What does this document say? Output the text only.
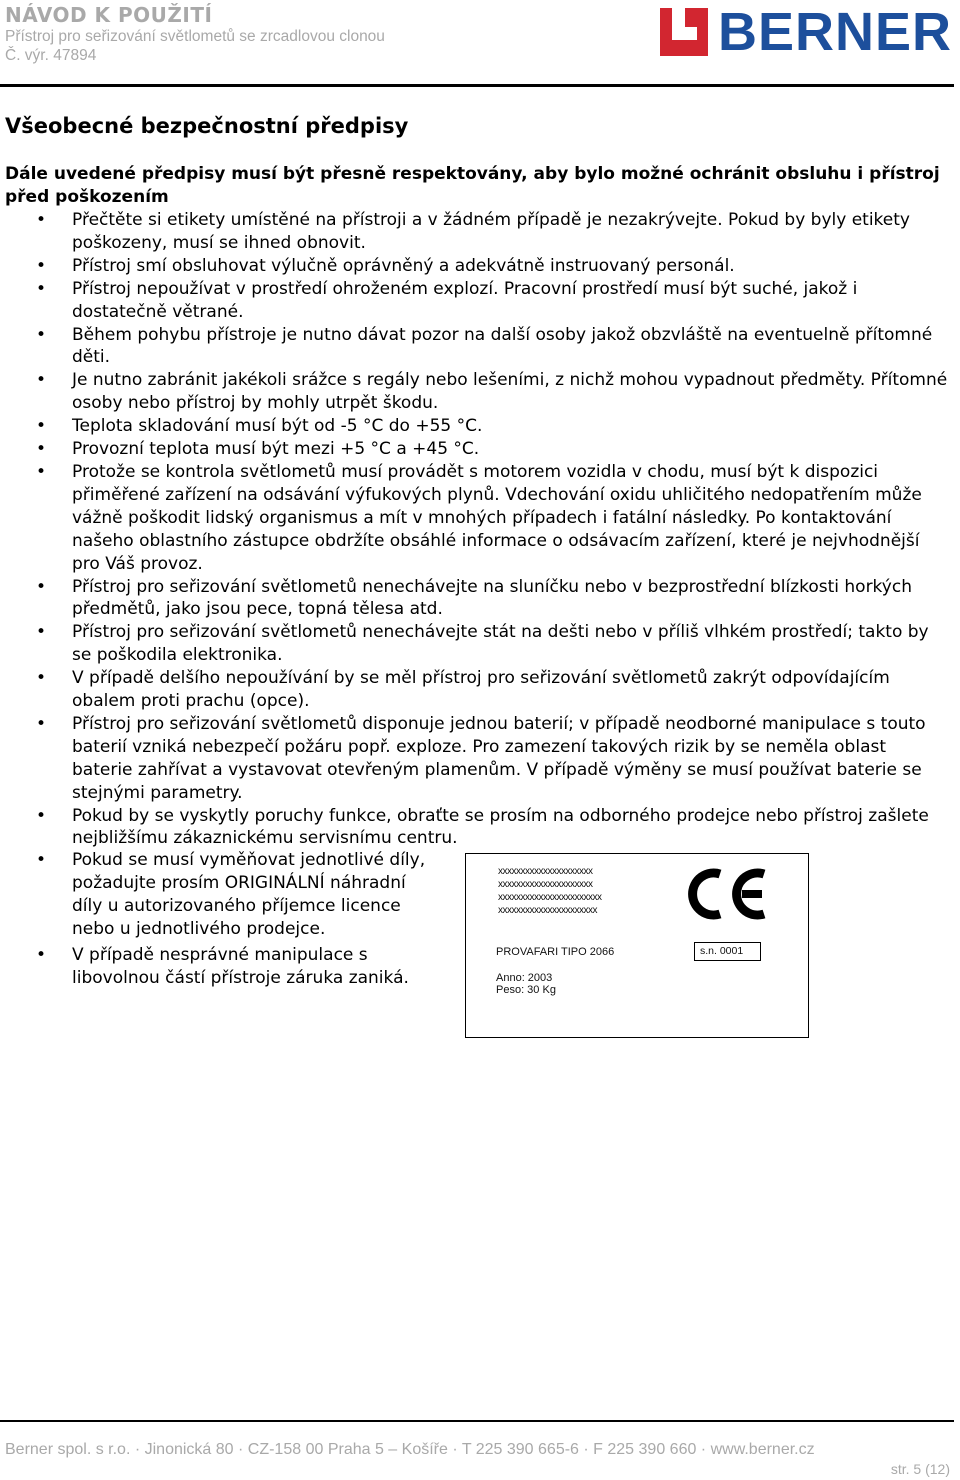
NÁVOD K POUŽITÍ
Přístroj pro seřizování světlometů se zrcadlovou clonou
Č. výr. 47894	BERNER
Všeobecné bezpečnostní předpisy

Dále uvedené předpisy musí být přesně respektovány, aby bylo možné ochránit obsluhu i přístroj před poškozením

• Přečtěte si etikety umístěné na přístroji a v žádném případě je nezakrývejte. Pokud by byly etikety poškozeny, musí se ihned obnovit.
• Přístroj smí obsluhovat výlučně oprávněný a adekvátně instruovaný personál.
• Přístroj nepoužívat v prostředí ohroženém explozí. Pracovní prostředí musí být suché, jakož i dostatečně větrané.
• Během pohybu přístroje je nutno dávat pozor na další osoby jakož obzvláště na eventuelně přítomné děti.
• Je nutno zabránit jakékoli srážce s regály nebo lešeními, z nichž mohou vypadnout předměty. Přítomné osoby nebo přístroj by mohly utrpět škodu.
• Teplota skladování musí být od -5 °C do +55 °C.
• Provozní teplota musí být mezi +5 °C a +45 °C.
• Protože se kontrola světlometů musí provádět s motorem vozidla v chodu, musí být k dispozici přiměřené zařízení na odsávání výfukových plynů. Vdechování oxidu uhličitého nedopatřením může vážně poškodit lidský organismus a mít v mnohých případech i fatální následky. Po kontaktování našeho oblastního zástupce obdržíte obsáhlé informace o odsávacím zařízení, které je nejvhodnější pro Váš provoz.
• Přístroj pro seřizování světlometů nenechávejte na sluníčku nebo v bezprostřední blízkosti horkých předmětů, jako jsou pece, topná tělesa atd.
• Přístroj pro seřizování světlometů nenechávejte stát na dešti nebo v příliš vlhkém prostředí; takto by se poškodila elektronika.
• V případě delšího nepoužívání by se měl přístroj pro seřizování světlometů zakrýt odpovídajícím obalem proti prachu (opce).
• Přístroj pro seřizování světlometů disponuje jednou baterií; v případě neodborné manipulace s touto baterií vzniká nebezpečí požáru popř. exploze. Pro zamezení takových rizik by se neměla oblast baterie zahřívat a vystavovat otevřeným plamenům. V případě výměny se musí používat baterie se stejnými parametry.
• Pokud by se vyskytly poruchy funkce, obraťte se prosím na odborného prodejce nebo přístroj zašlete nejbližšímu zákaznickému servisnímu centru.
• Pokud se musí vyměňovat jednotlivé díly, požadujte prosím ORIGINÁLNÍ náhradní díly u autorizovaného příjemce licence nebo u jednotlivého prodejce.
• V případě nesprávné manipulace s libovolnou částí přístroje záruka zaniká.
xxxxxxxxxxxxxxxxxxxxx
xxxxxxxxxxxxxxxxxxxxx
xxxxxxxxxxxxxxxxxxxxxxx
xxxxxxxxxxxxxxxxxxxxxx
PROVAFARI TIPO 2066	s.n. 0001
Anno: 2003
Peso: 30 Kg
Berner spol. s r.o. · Jinonická 80 · CZ-158 00 Praha 5 – Košíře · T 225 390 665-6 · F 225 390 660 · www.berner.cz
str. 5 (12)
